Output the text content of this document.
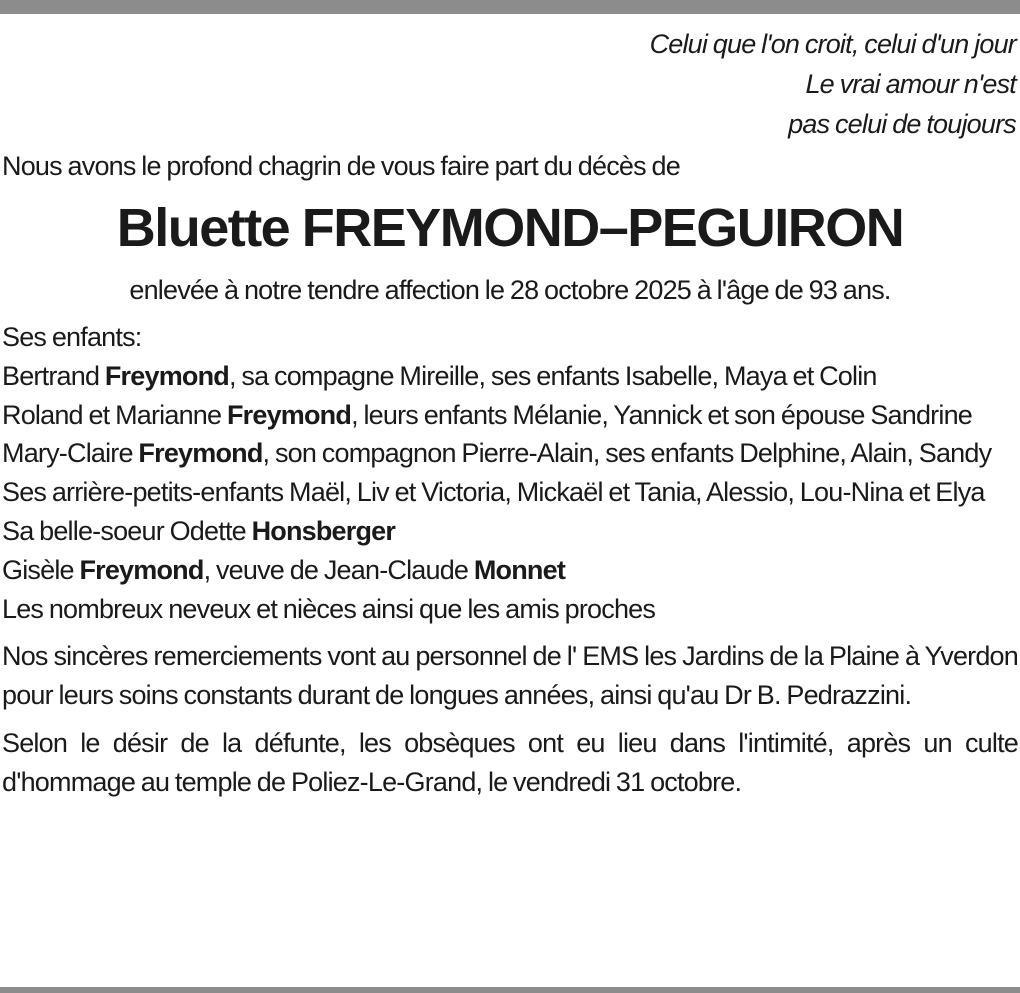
Celui que l'on croit, celui d'un jour
Le vrai amour n'est
pas celui de toujours
Nous avons le profond chagrin de vous faire part du décès de
Bluette FREYMOND–PEGUIRON
enlevée à notre tendre affection le 28 octobre 2025 à l'âge de 93 ans.
Ses enfants:
Bertrand Freymond, sa compagne Mireille, ses enfants Isabelle, Maya et Colin
Roland et Marianne Freymond, leurs enfants Mélanie, Yannick et son épouse Sandrine
Mary-Claire Freymond, son compagnon Pierre-Alain, ses enfants Delphine, Alain, Sandy
Ses arrière-petits-enfants Maël, Liv et Victoria, Mickaël et Tania, Alessio, Lou-Nina et Elya
Sa belle-soeur Odette Honsberger
Gisèle Freymond, veuve de Jean-Claude Monnet
Les nombreux neveux et nièces ainsi que les amis proches
Nos sincères remerciements vont au personnel de l' EMS les Jardins de la Plaine à Yverdon pour leurs soins constants durant de longues années, ainsi qu'au Dr B. Pedrazzini.
Selon le désir de la défunte, les obsèques ont eu lieu dans l'intimité, après un culte d'hommage au temple de Poliez-Le-Grand, le vendredi 31 octobre.
